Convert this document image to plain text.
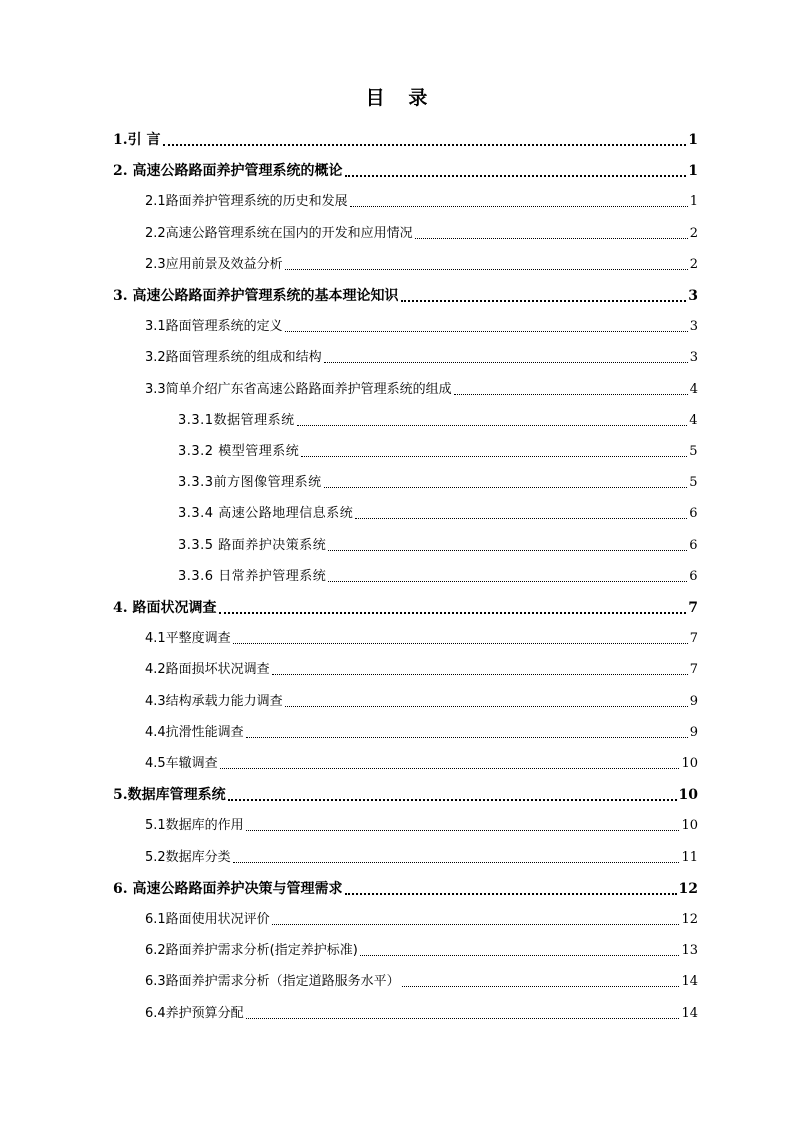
目   录
1.引 言	1
2. 高速公路路面养护管理系统的概论	1
2.1路面养护管理系统的历史和发展	1
2.2高速公路管理系统在国内的开发和应用情况	2
2.3应用前景及效益分析	2
3. 高速公路路面养护管理系统的基本理论知识	3
3.1路面管理系统的定义	3
3.2路面管理系统的组成和结构	3
3.3简单介绍广东省高速公路路面养护管理系统的组成	4
3.3.1数据管理系统	4
3.3.2 模型管理系统	5
3.3.3前方图像管理系统	5
3.3.4 高速公路地理信息系统	6
3.3.5 路面养护决策系统	6
3.3.6 日常养护管理系统	6
4. 路面状况调查	7
4.1平整度调查	7
4.2路面损坏状况调查	7
4.3结构承载力能力调查	9
4.4抗滑性能调查	9
4.5车辙调查	10
5.数据库管理系统	10
5.1数据库的作用	10
5.2数据库分类	11
6. 高速公路路面养护决策与管理需求	12
6.1路面使用状况评价	12
6.2路面养护需求分析(指定养护标准)	13
6.3路面养护需求分析（指定道路服务水平）	14
6.4养护预算分配	14
